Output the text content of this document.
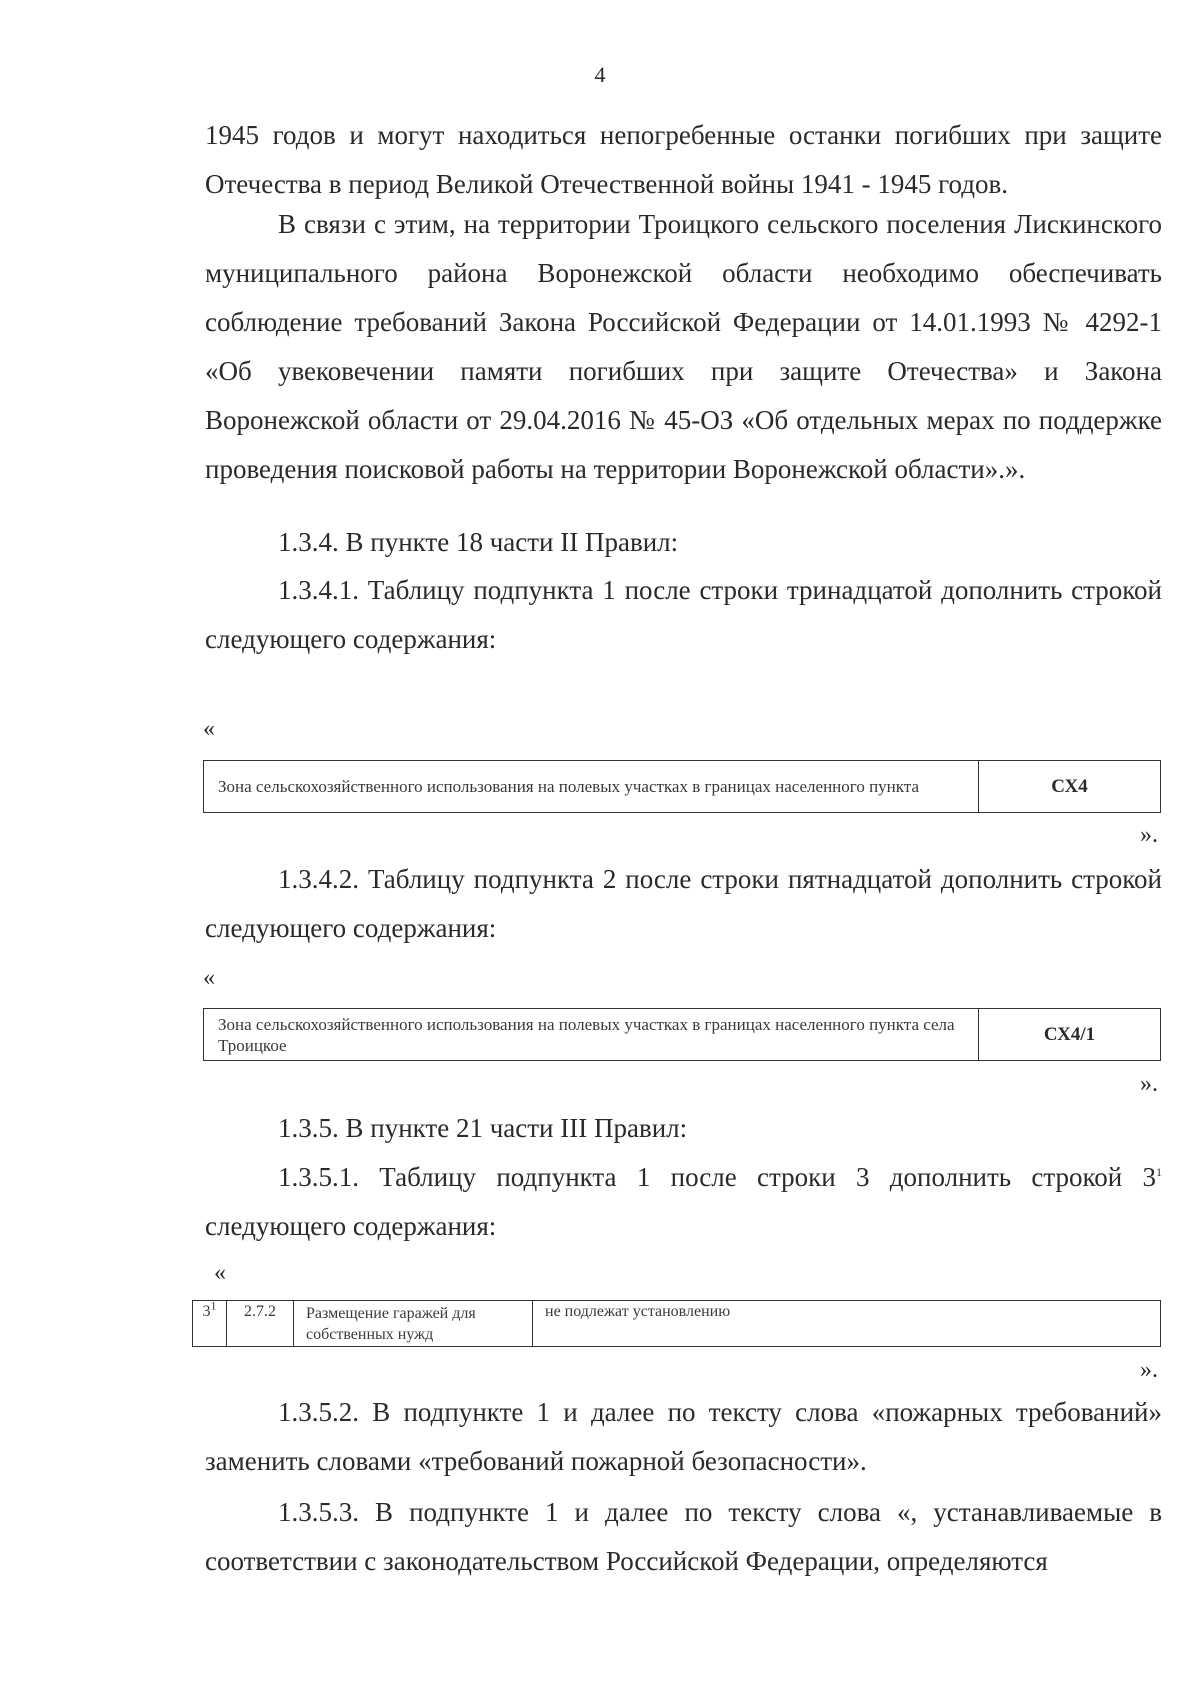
4
1945 годов и могут находиться непогребенные останки погибших при защите Отечества в период Великой Отечественной войны 1941 - 1945 годов.
В связи с этим, на территории Троицкого сельского поселения Лискинского муниципального района Воронежской области необходимо обеспечивать соблюдение требований Закона Российской Федерации от 14.01.1993 № 4292-1 «Об увековечении памяти погибших при защите Отечества» и Закона Воронежской области от 29.04.2016 № 45-ОЗ «Об отдельных мерах по поддержке проведения поисковой работы на территории Воронежской области».».
1.3.4. В пункте 18 части II Правил:
1.3.4.1. Таблицу подпункта 1 после строки тринадцатой дополнить строкой следующего содержания:
«
Зона сельскохозяйственного использования на полевых участках в границах населенного пункта	СХ4
».
1.3.4.2. Таблицу подпункта 2 после строки пятнадцатой дополнить строкой следующего содержания:
«
Зона сельскохозяйственного использования на полевых участках в границах населенного пункта села Троицкое	СХ4/1
».
1.3.5. В пункте 21 части III Правил:
1.3.5.1. Таблицу подпункта 1 после строки 3 дополнить строкой $3^1$
следующего содержания:
«
$3^1$	2.7.2	Размещение гаражей для собственных нужд	не подлежат установлению
».
1.3.5.2. В подпункте 1 и далее по тексту слова «пожарных требований» заменить словами «требований пожарной безопасности».
1.3.5.3. В подпункте 1 и далее по тексту слова «, устанавливаемые в соответствии с законодательством Российской Федерации, определяются
